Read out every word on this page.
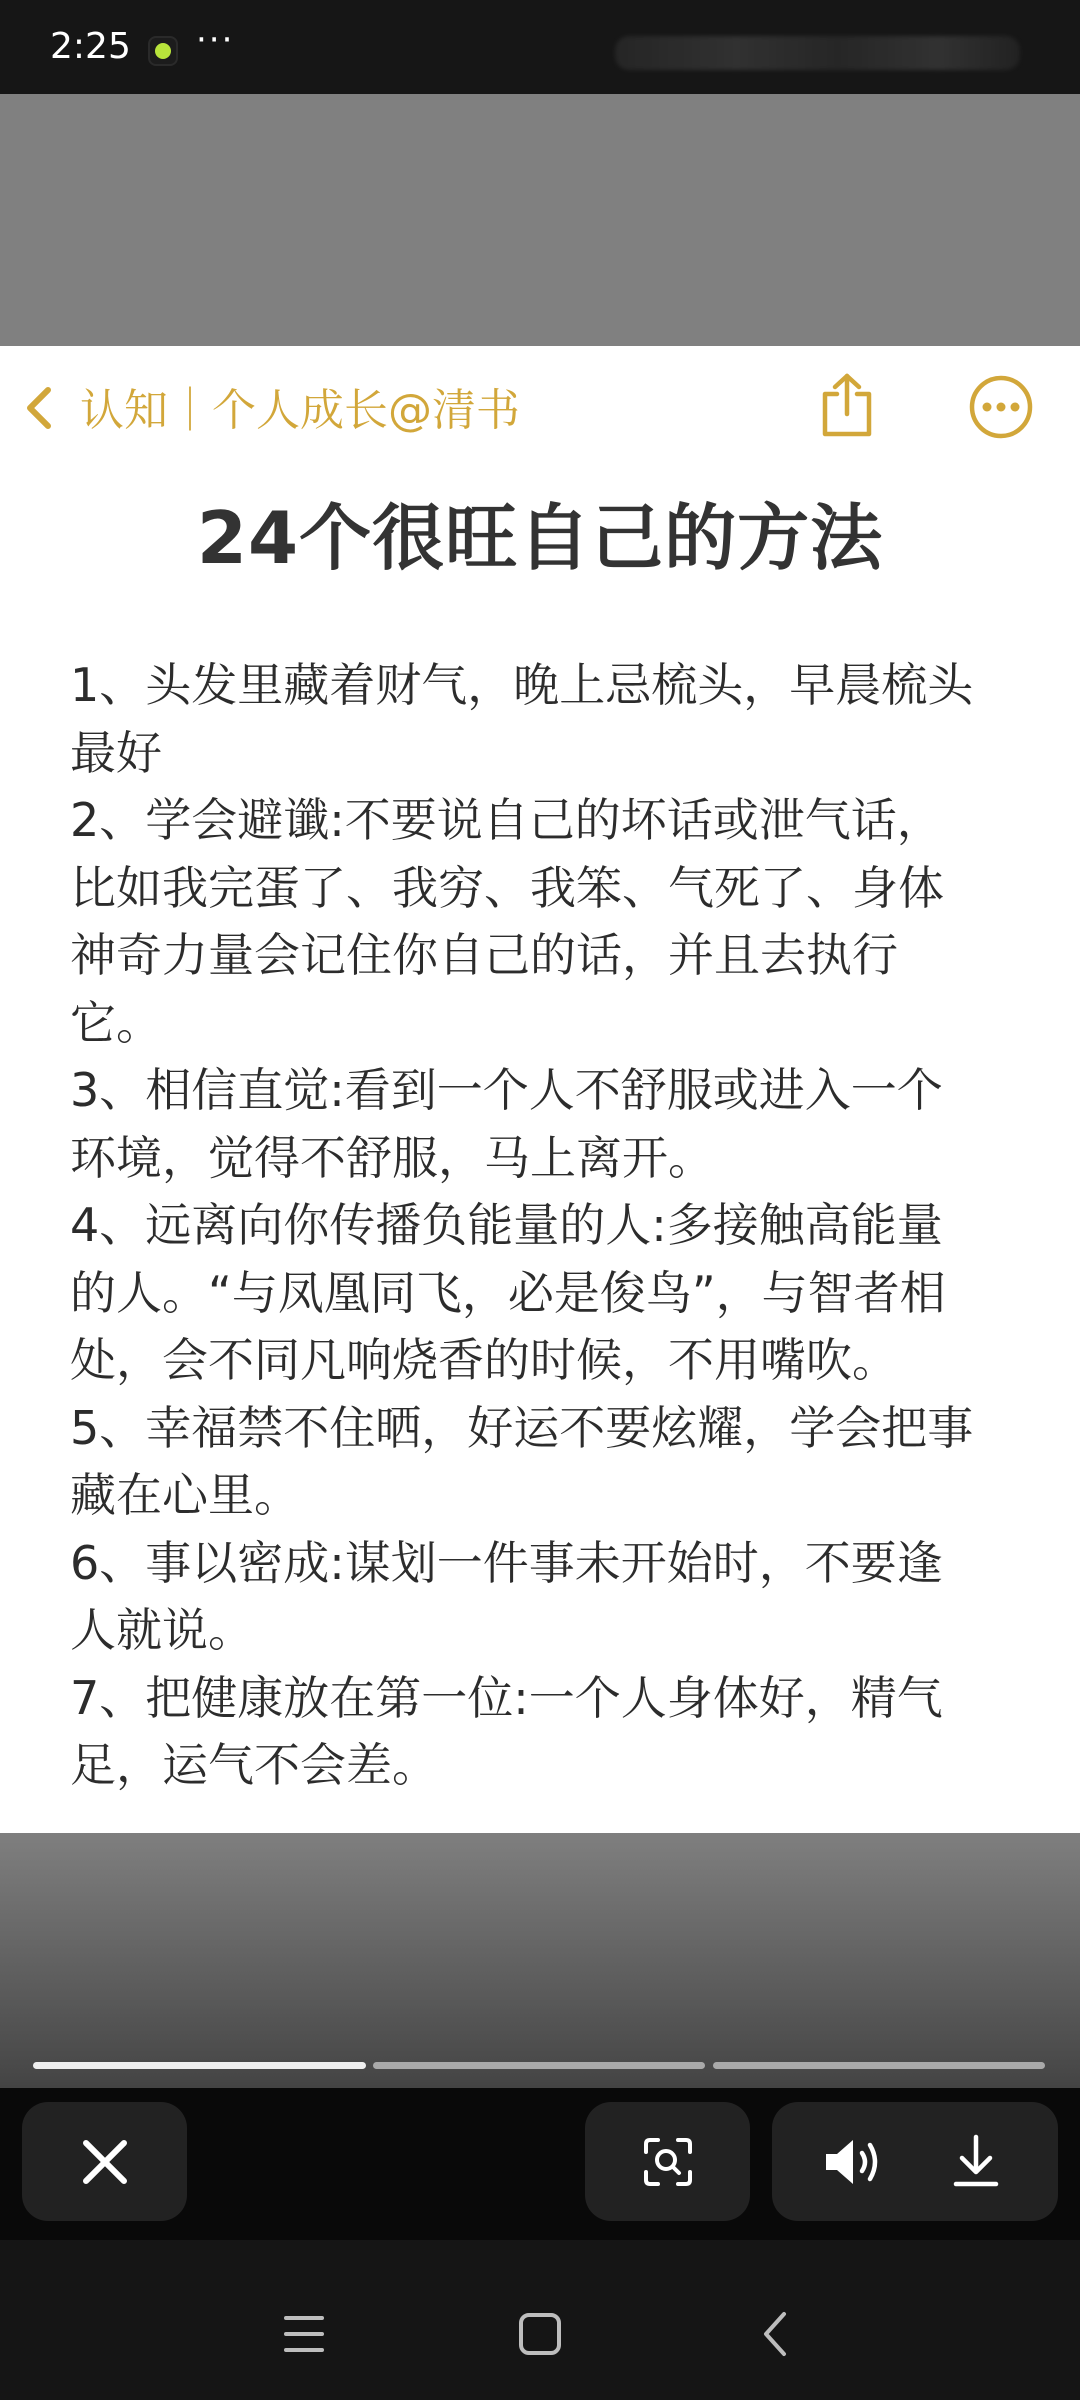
2:25 ···
认知｜个人成长@清书
24个很旺自己的方法

1、头发里藏着财气，晚上忌梳头，早晨梳头

最好

2、学会避谶:不要说自己的坏话或泄气话，

比如我完蛋了、我穷、我笨、气死了、身体

神奇力量会记住你自己的话，并且去执行

它。

3、相信直觉:看到一个人不舒服或进入一个

环境，觉得不舒服，马上离开。

4、远离向你传播负能量的人:多接触高能量

的人。“与凤凰同飞，必是俊鸟”，与智者相

处，会不同凡响烧香的时候，不用嘴吹。

5、幸福禁不住晒，好运不要炫耀，学会把事

藏在心里。

6、事以密成:谋划一件事未开始时，不要逢

人就说。

7、把健康放在第一位:一个人身体好，精气

足，运气不会差。
